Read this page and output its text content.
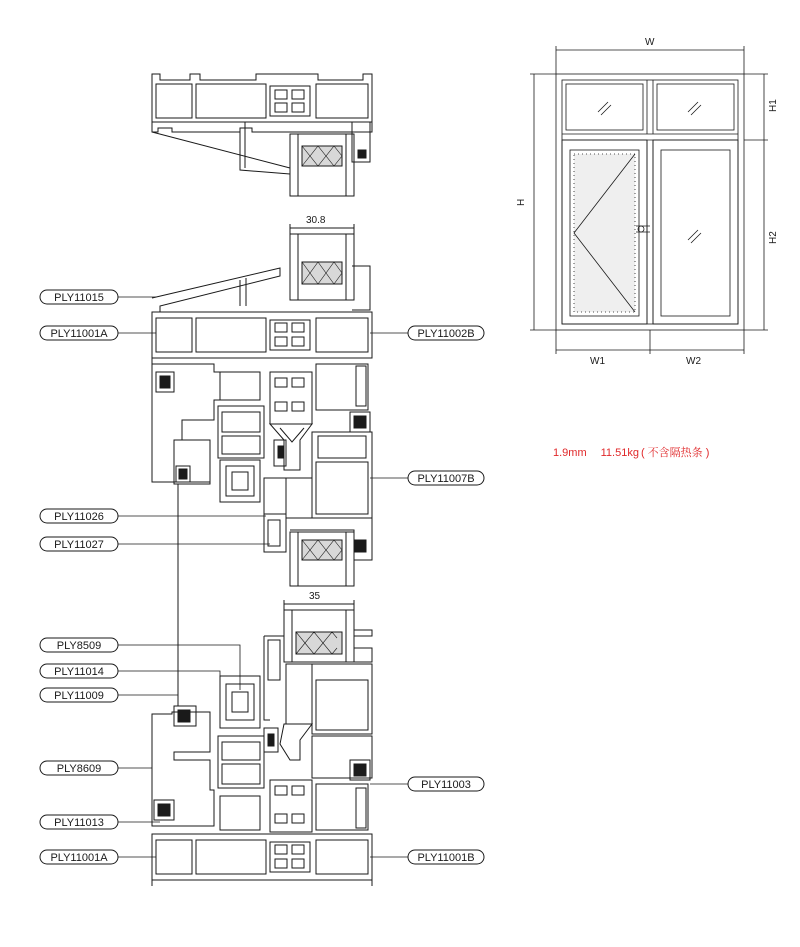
30.8
35
PLY11015
PLY11001A
PLY11026
PLY11027
PLY8509
PLY11014
PLY11009
PLY8609
PLY11013
PLY11001A
PLY11002B
PLY11007B
PLY11003
PLY11001B
W
H
H1
H2
W1	W2
1.9mm 11.51kg ( 不含隔热条 )
